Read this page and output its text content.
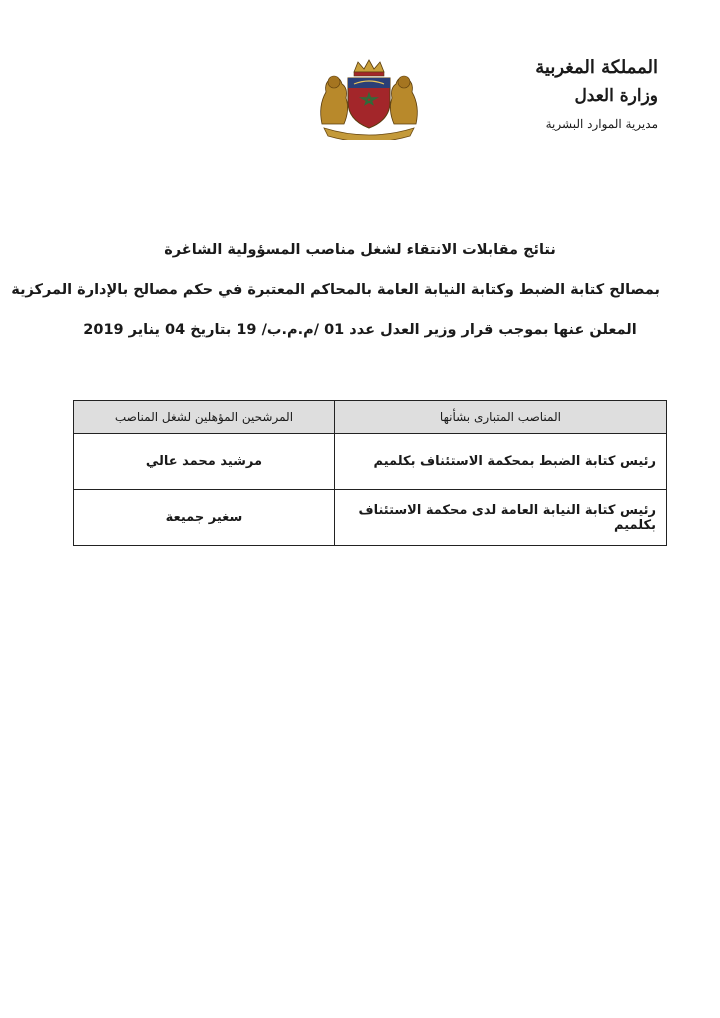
المملكة المغربية
وزارة العدل
مديرية الموارد البشرية
نتائج مقابلات الانتقاء لشغل مناصب المسؤولية الشاغرة
بمصالح كتابة الضبط وكتابة النيابة العامة بالمحاكم المعتبرة في حكم مصالح بالإدارة المركزية
المعلن عنها بموجب قرار وزير العدل عدد 01 /م.م.ب/ 19 بتاريخ 04 يناير 2019
المناصب المتبارى بشأنها	المرشحين المؤهلين لشغل المناصب
رئيس كتابة الضبط بمحكمة الاستئناف بكلميم	مرشيد محمد عالي
رئيس كتابة النيابة العامة لدى محكمة الاستئناف بكلميم	سغير جميعة
